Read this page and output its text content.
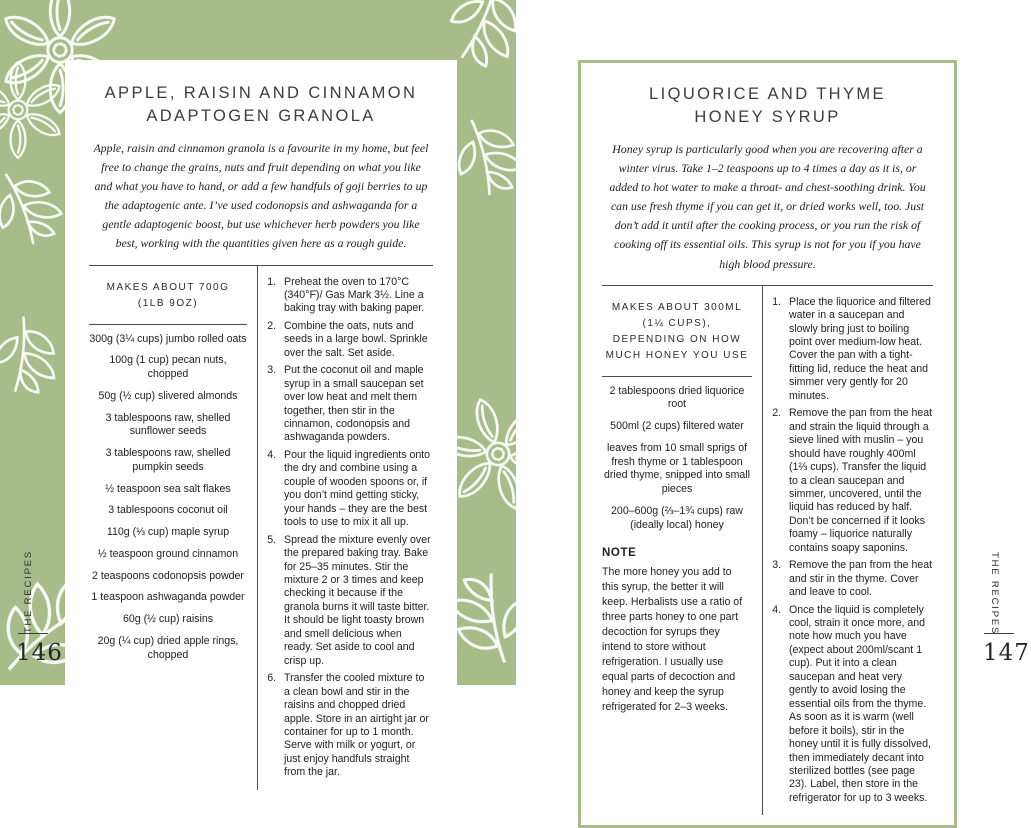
APPLE, RAISIN AND CINNAMON
ADAPTOGEN GRANOLA

Apple, raisin and cinnamon granola is a favourite in my home, but feel free to change the grains, nuts and fruit depending on what you like and what you have to hand, or add a few handfuls of goji berries to up the adaptogenic ante. I’ve used codonopsis and ashwaganda for a gentle adaptogenic boost, but use whichever herb powders you like best, working with the quantities given here as a rough guide.

MAKES ABOUT 700G (1LB 9OZ)

300g (3¼ cups) jumbo rolled oats

100g (1 cup) pecan nuts, chopped

50g (½ cup) slivered almonds

3 tablespoons raw, shelled sunflower seeds

3 tablespoons raw, shelled pumpkin seeds

½ teaspoon sea salt flakes

3 tablespoons coconut oil

110g (⅓ cup) maple syrup

½ teaspoon ground cinnamon

2 teaspoons codonopsis powder

1 teaspoon ashwaganda powder

60g (½ cup) raisins

20g (¼ cup) dried apple rings, chopped

1. Preheat the oven to 170°C (340°F)/ Gas Mark 3½. Line a baking tray with baking paper.
2. Combine the oats, nuts and seeds in a large bowl. Sprinkle over the salt. Set aside.
3. Put the coconut oil and maple syrup in a small saucepan set over low heat and melt them together, then stir in the cinnamon, codonopsis and ashwaganda powders.
4. Pour the liquid ingredients onto the dry and combine using a couple of wooden spoons or, if you don’t mind getting sticky, your hands – they are the best tools to use to mix it all up.
5. Spread the mixture evenly over the prepared baking tray. Bake for 25–35 minutes. Stir the mixture 2 or 3 times and keep checking it because if the granola burns it will taste bitter. It should be light toasty brown and smell delicious when ready. Set aside to cool and crisp up.
6. Transfer the cooled mixture to a clean bowl and stir in the raisins and chopped dried apple. Store in an airtight jar or container for up to 1 month. Serve with milk or yogurt, or just enjoy handfuls straight from the jar.
LIQUORICE AND THYME
HONEY SYRUP

Honey syrup is particularly good when you are recovering after a winter virus. Take 1–2 teaspoons up to 4 times a day as it is, or added to hot water to make a throat- and chest-soothing drink. You can use fresh thyme if you can get it, or dried works well, too. Just don’t add it until after the cooking process, or you run the risk of cooking off its essential oils. This syrup is not for you if you have high blood pressure.

MAKES ABOUT 300ML (1¼ CUPS), DEPENDING ON HOW MUCH HONEY YOU USE

2 tablespoons dried liquorice root

500ml (2 cups) filtered water

leaves from 10 small sprigs of fresh thyme or 1 tablespoon dried thyme, snipped into small pieces

200–600g (⅔–1¾ cups) raw (ideally local) honey

NOTE

The more honey you add to this syrup, the better it will keep. Herbalists use a ratio of three parts honey to one part decoction for syrups they intend to store without refrigeration. I usually use equal parts of decoction and honey and keep the syrup refrigerated for 2–3 weeks.

1. Place the liquorice and filtered water in a saucepan and slowly bring just to boiling point over medium-low heat. Cover the pan with a tight-fitting lid, reduce the heat and simmer very gently for 20 minutes.
2. Remove the pan from the heat and strain the liquid through a sieve lined with muslin – you should have roughly 400ml (1⅔ cups). Transfer the liquid to a clean saucepan and simmer, uncovered, until the liquid has reduced by half. Don’t be concerned if it looks foamy – liquorice naturally contains soapy saponins.
3. Remove the pan from the heat and stir in the thyme. Cover and leave to cool.
4. Once the liquid is completely cool, strain it once more, and note how much you have (expect about 200ml/scant 1 cup). Put it into a clean saucepan and heat very gently to avoid losing the essential oils from the thyme. As soon as it is warm (well before it boils), stir in the honey until it is fully dissolved, then immediately decant into sterilized bottles (see page 23). Label, then store in the refrigerator for up to 3 weeks.
THE RECIPES
146
THE RECIPES
147
